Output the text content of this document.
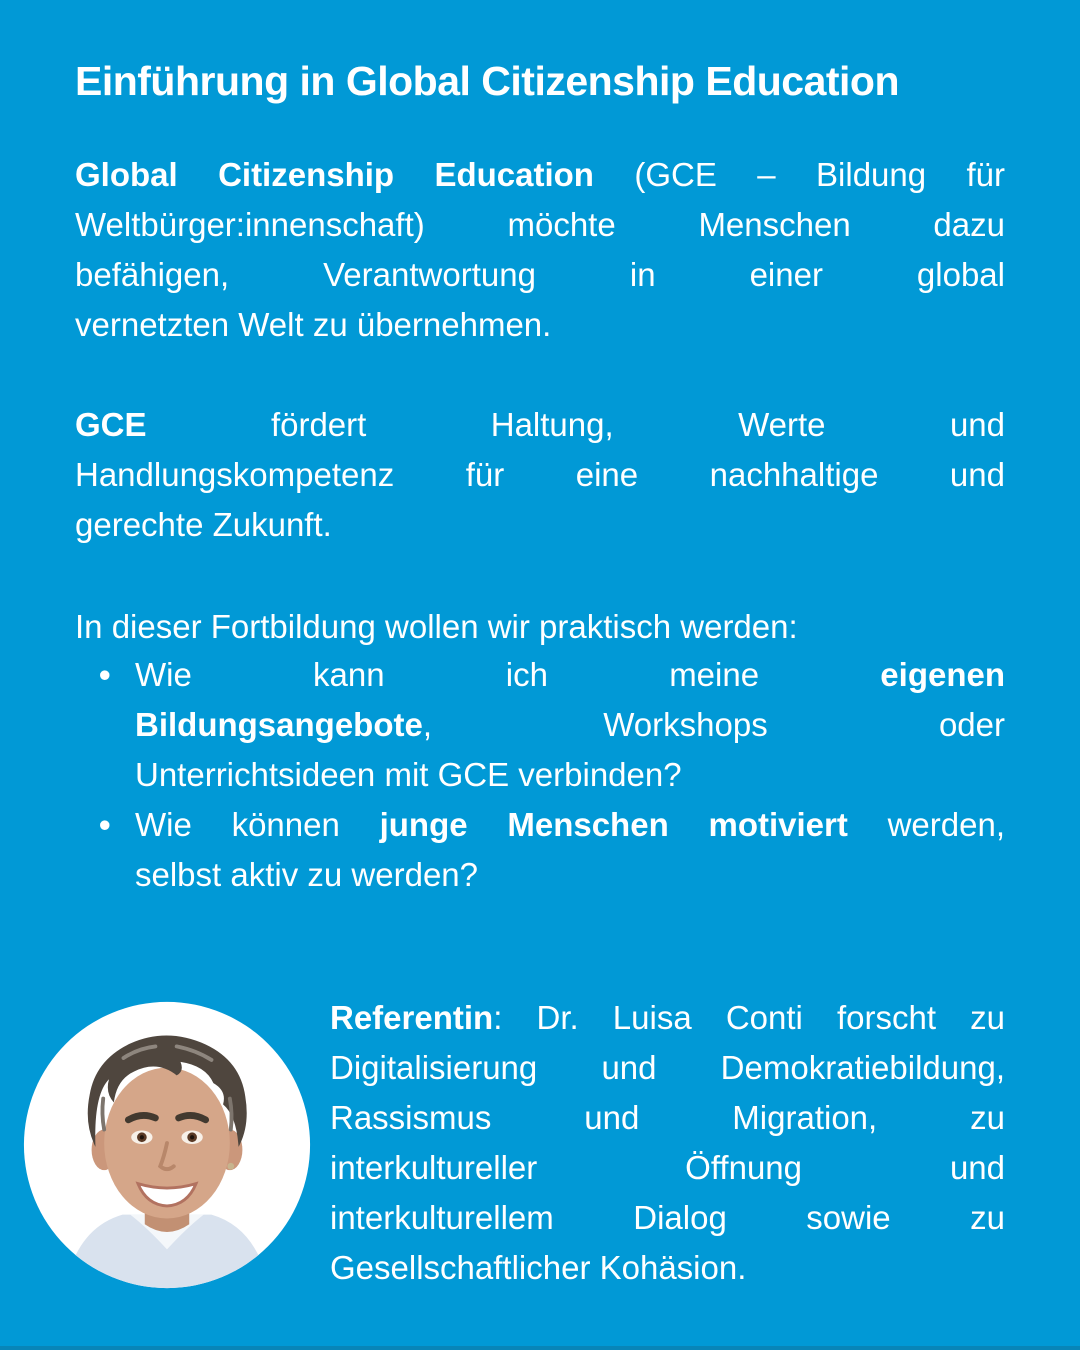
Einführung in Global Citizenship Education
Global Citizenship Education (GCE – Bildung für
Weltbürger:innenschaft) möchte Menschen dazu
befähigen, Verantwortung in einer global
vernetzten Welt zu übernehmen.
GCE fördert Haltung, Werte und
Handlungskompetenz für eine nachhaltige und
gerechte Zukunft.
In dieser Fortbildung wollen wir praktisch werden:
• Wie kann ich meine eigenen
Bildungsangebote, Workshops oder
Unterrichtsideen mit GCE verbinden?
• Wie können junge Menschen motiviert werden,
selbst aktiv zu werden?
Referentin: Dr. Luisa Conti forscht zu
Digitalisierung und Demokratiebildung,
Rassismus und Migration, zu
interkultureller Öffnung und
interkulturellem Dialog sowie zu
Gesellschaftlicher Kohäsion.
